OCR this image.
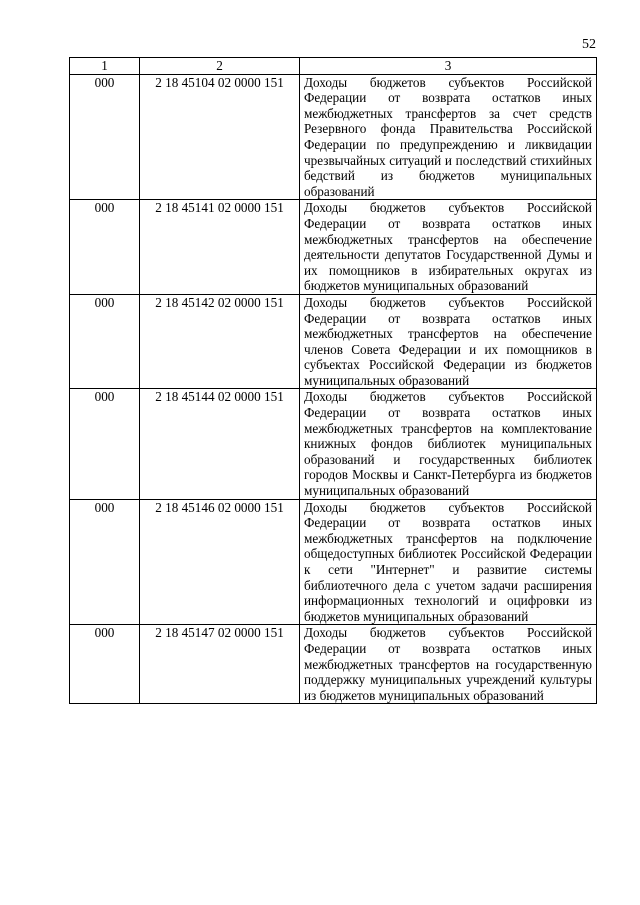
52
1	2	3
000	2 18 45104 02 0000 151	Доходы бюджетов субъектов Российской Федерации от возврата остатков иных межбюджетных трансфертов за счет средств Резервного фонда Правительства Российской Федерации по предупреждению и ликвидации чрезвычайных ситуаций и последствий стихийных бедствий из бюджетов муниципальных образований
000	2 18 45141 02 0000 151	Доходы бюджетов субъектов Российской Федерации от возврата остатков иных межбюджетных трансфертов на обеспечение деятельности депутатов Государственной Думы и их помощников в избирательных округах из бюджетов муниципальных образований
000	2 18 45142 02 0000 151	Доходы бюджетов субъектов Российской Федерации от возврата остатков иных межбюджетных трансфертов на обеспечение членов Совета Федерации и их помощников в субъектах Российской Федерации из бюджетов муниципальных образований
000	2 18 45144 02 0000 151	Доходы бюджетов субъектов Российской Федерации от возврата остатков иных межбюджетных трансфертов на комплектование книжных фондов библиотек муниципальных образований и государственных библиотек городов Москвы и Санкт-Петербурга из бюджетов муниципальных образований
000	2 18 45146 02 0000 151	Доходы бюджетов субъектов Российской Федерации от возврата остатков иных межбюджетных трансфертов на подключение общедоступных библиотек Российской Федерации к сети "Интернет" и развитие системы библиотечного дела с учетом задачи расширения информационных технологий и оцифровки из бюджетов муниципальных образований
000	2 18 45147 02 0000 151	Доходы бюджетов субъектов Российской Федерации от возврата остатков иных межбюджетных трансфертов на государственную поддержку муниципальных учреждений культуры из бюджетов муниципальных образований
